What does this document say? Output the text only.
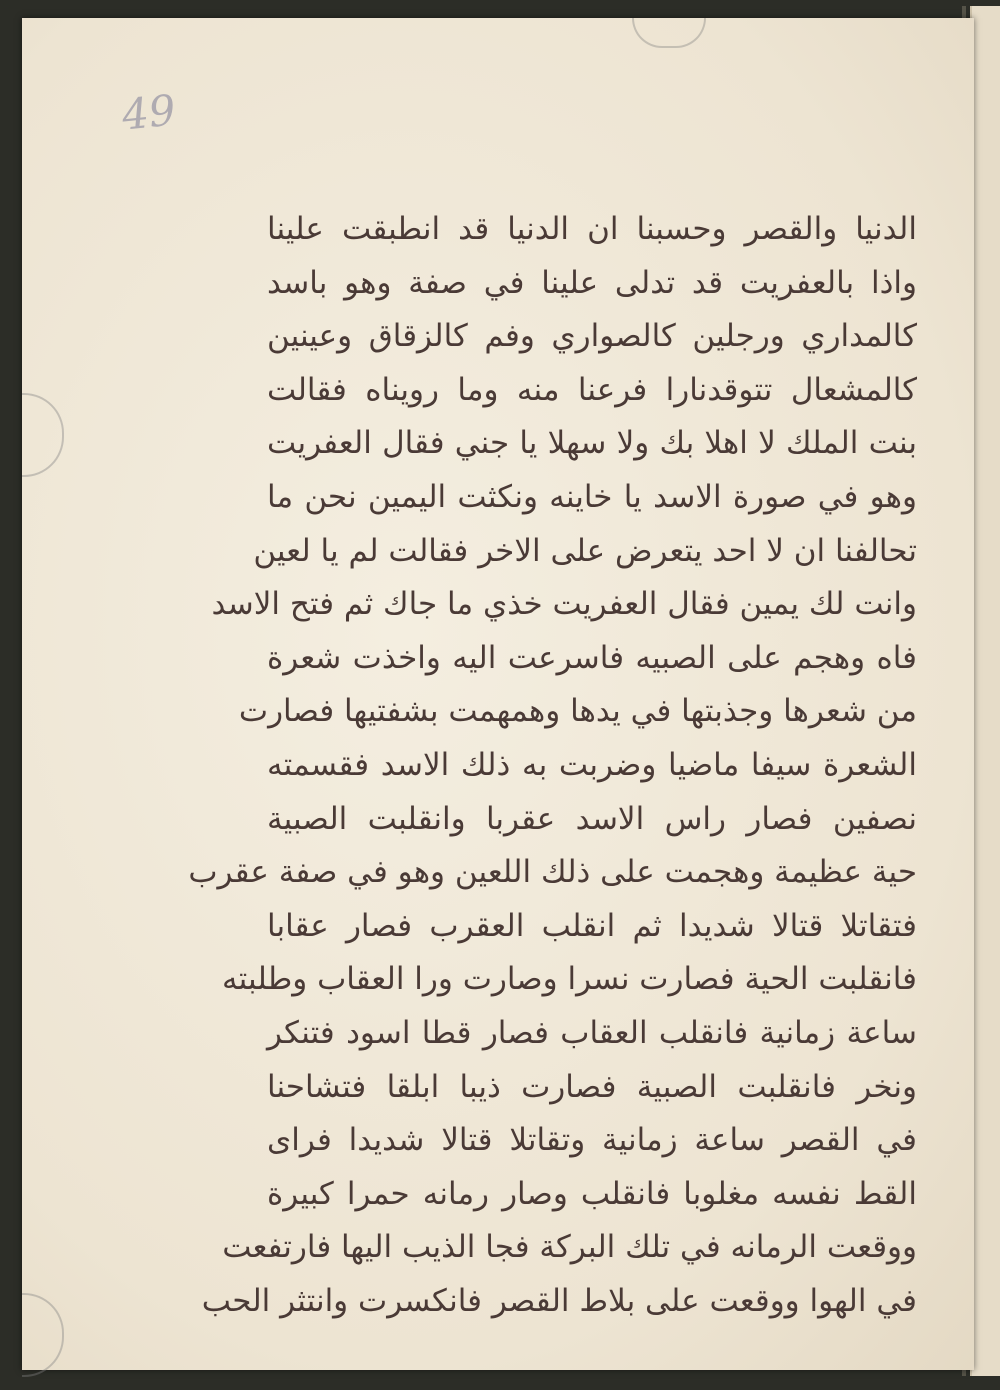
49
الدنيا والقصر وحسبنا ان الدنيا قد انطبقت علينا
واذا بالعفريت قد تدلى علينا في صفة وهو باسد
كالمداري ورجلين كالصواري وفم كالزقاق وعينين
كالمشعال تتوقدنارا فرعنا منه وما رويناه فقالت
بنت الملك لا اهلا بك ولا سهلا يا جني فقال العفريت
وهو في صورة الاسد يا خاينه ونكثت اليمين نحن ما
تحالفنا ان لا احد يتعرض على الاخر فقالت لم يا لعين
وانت لك يمين فقال العفريت خذي ما جاك ثم فتح الاسد
فاه وهجم على الصبيه فاسرعت اليه واخذت شعرة
من شعرها وجذبتها في يدها وهمهمت بشفتيها فصارت
الشعرة سيفا ماضيا وضربت به ذلك الاسد فقسمته
نصفين فصار راس الاسد عقربا وانقلبت الصبية
حية عظيمة وهجمت على ذلك اللعين وهو في صفة عقرب
فتقاتلا قتالا شديدا ثم انقلب العقرب فصار عقابا
فانقلبت الحية فصارت نسرا وصارت ورا العقاب وطلبته
ساعة زمانية فانقلب العقاب فصار قطا اسود فتنكر
ونخر فانقلبت الصبية فصارت ذيبا ابلقا فتشاحنا
في القصر ساعة زمانية وتقاتلا قتالا شديدا فراى
القط نفسه مغلوبا فانقلب وصار رمانه حمرا كبيرة
ووقعت الرمانه في تلك البركة فجا الذيب اليها فارتفعت
في الهوا ووقعت على بلاط القصر فانكسرت وانتثر الحب
